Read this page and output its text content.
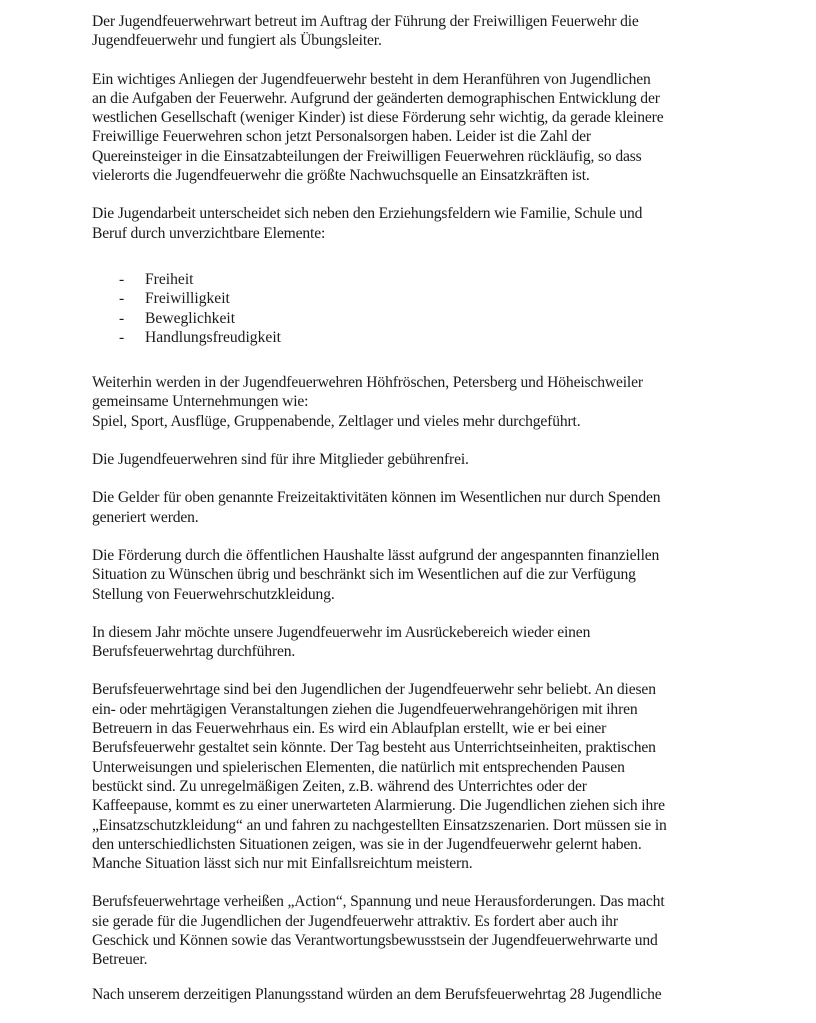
Der Jugendfeuerwehrwart betreut im Auftrag der Führung der Freiwilligen Feuerwehr die
Jugendfeuerwehr und fungiert als Übungsleiter.

Ein wichtiges Anliegen der Jugendfeuerwehr besteht in dem Heranführen von Jugendlichen
an die Aufgaben der Feuerwehr. Aufgrund der geänderten demographischen Entwicklung der
westlichen Gesellschaft (weniger Kinder) ist diese Förderung sehr wichtig, da gerade kleinere
Freiwillige Feuerwehren schon jetzt Personalsorgen haben. Leider ist die Zahl der
Quereinsteiger in die Einsatzabteilungen der Freiwilligen Feuerwehren rückläufig, so dass
vielerorts die Jugendfeuerwehr die größte Nachwuchsquelle an Einsatzkräften ist.

Die Jugendarbeit unterscheidet sich neben den Erziehungsfeldern wie Familie, Schule und
Beruf durch unverzichtbare Elemente:

-	Freiheit
-	Freiwilligkeit
-	Beweglichkeit
-	Handlungsfreudigkeit

Weiterhin werden in der Jugendfeuerwehren Höhfröschen, Petersberg und Höheischweiler
gemeinsame Unternehmungen wie:
Spiel, Sport, Ausflüge, Gruppenabende, Zeltlager und vieles mehr durchgeführt.

Die Jugendfeuerwehren sind für ihre Mitglieder gebührenfrei.

Die Gelder für oben genannte Freizeitaktivitäten können im Wesentlichen nur durch Spenden
generiert werden.

Die Förderung durch die öffentlichen Haushalte lässt aufgrund der angespannten finanziellen
Situation zu Wünschen übrig und beschränkt sich im Wesentlichen auf die zur Verfügung
Stellung von Feuerwehrschutzkleidung.

In diesem Jahr möchte unsere Jugendfeuerwehr im Ausrückebereich wieder einen
Berufsfeuerwehrtag durchführen.

Berufsfeuerwehrtage sind bei den Jugendlichen der Jugendfeuerwehr sehr beliebt. An diesen
ein- oder mehrtägigen Veranstaltungen ziehen die Jugendfeuerwehrangehörigen mit ihren
Betreuern in das Feuerwehrhaus ein. Es wird ein Ablaufplan erstellt, wie er bei einer
Berufsfeuerwehr gestaltet sein könnte. Der Tag besteht aus Unterrichtseinheiten, praktischen
Unterweisungen und spielerischen Elementen, die natürlich mit entsprechenden Pausen
bestückt sind. Zu unregelmäßigen Zeiten, z.B. während des Unterrichtes oder der
Kaffeepause, kommt es zu einer unerwarteten Alarmierung. Die Jugendlichen ziehen sich ihre
„Einsatzschutzkleidung“ an und fahren zu nachgestellten Einsatzszenarien. Dort müssen sie in
den unterschiedlichsten Situationen zeigen, was sie in der Jugendfeuerwehr gelernt haben.
Manche Situation lässt sich nur mit Einfallsreichtum meistern.

Berufsfeuerwehrtage verheißen „Action“, Spannung und neue Herausforderungen. Das macht
sie gerade für die Jugendlichen der Jugendfeuerwehr attraktiv. Es fordert aber auch ihr
Geschick und Können sowie das Verantwortungsbewusstsein der Jugendfeuerwehrwarte und
Betreuer.

Nach unserem derzeitigen Planungsstand würden an dem Berufsfeuerwehrtag 28 Jugendliche
